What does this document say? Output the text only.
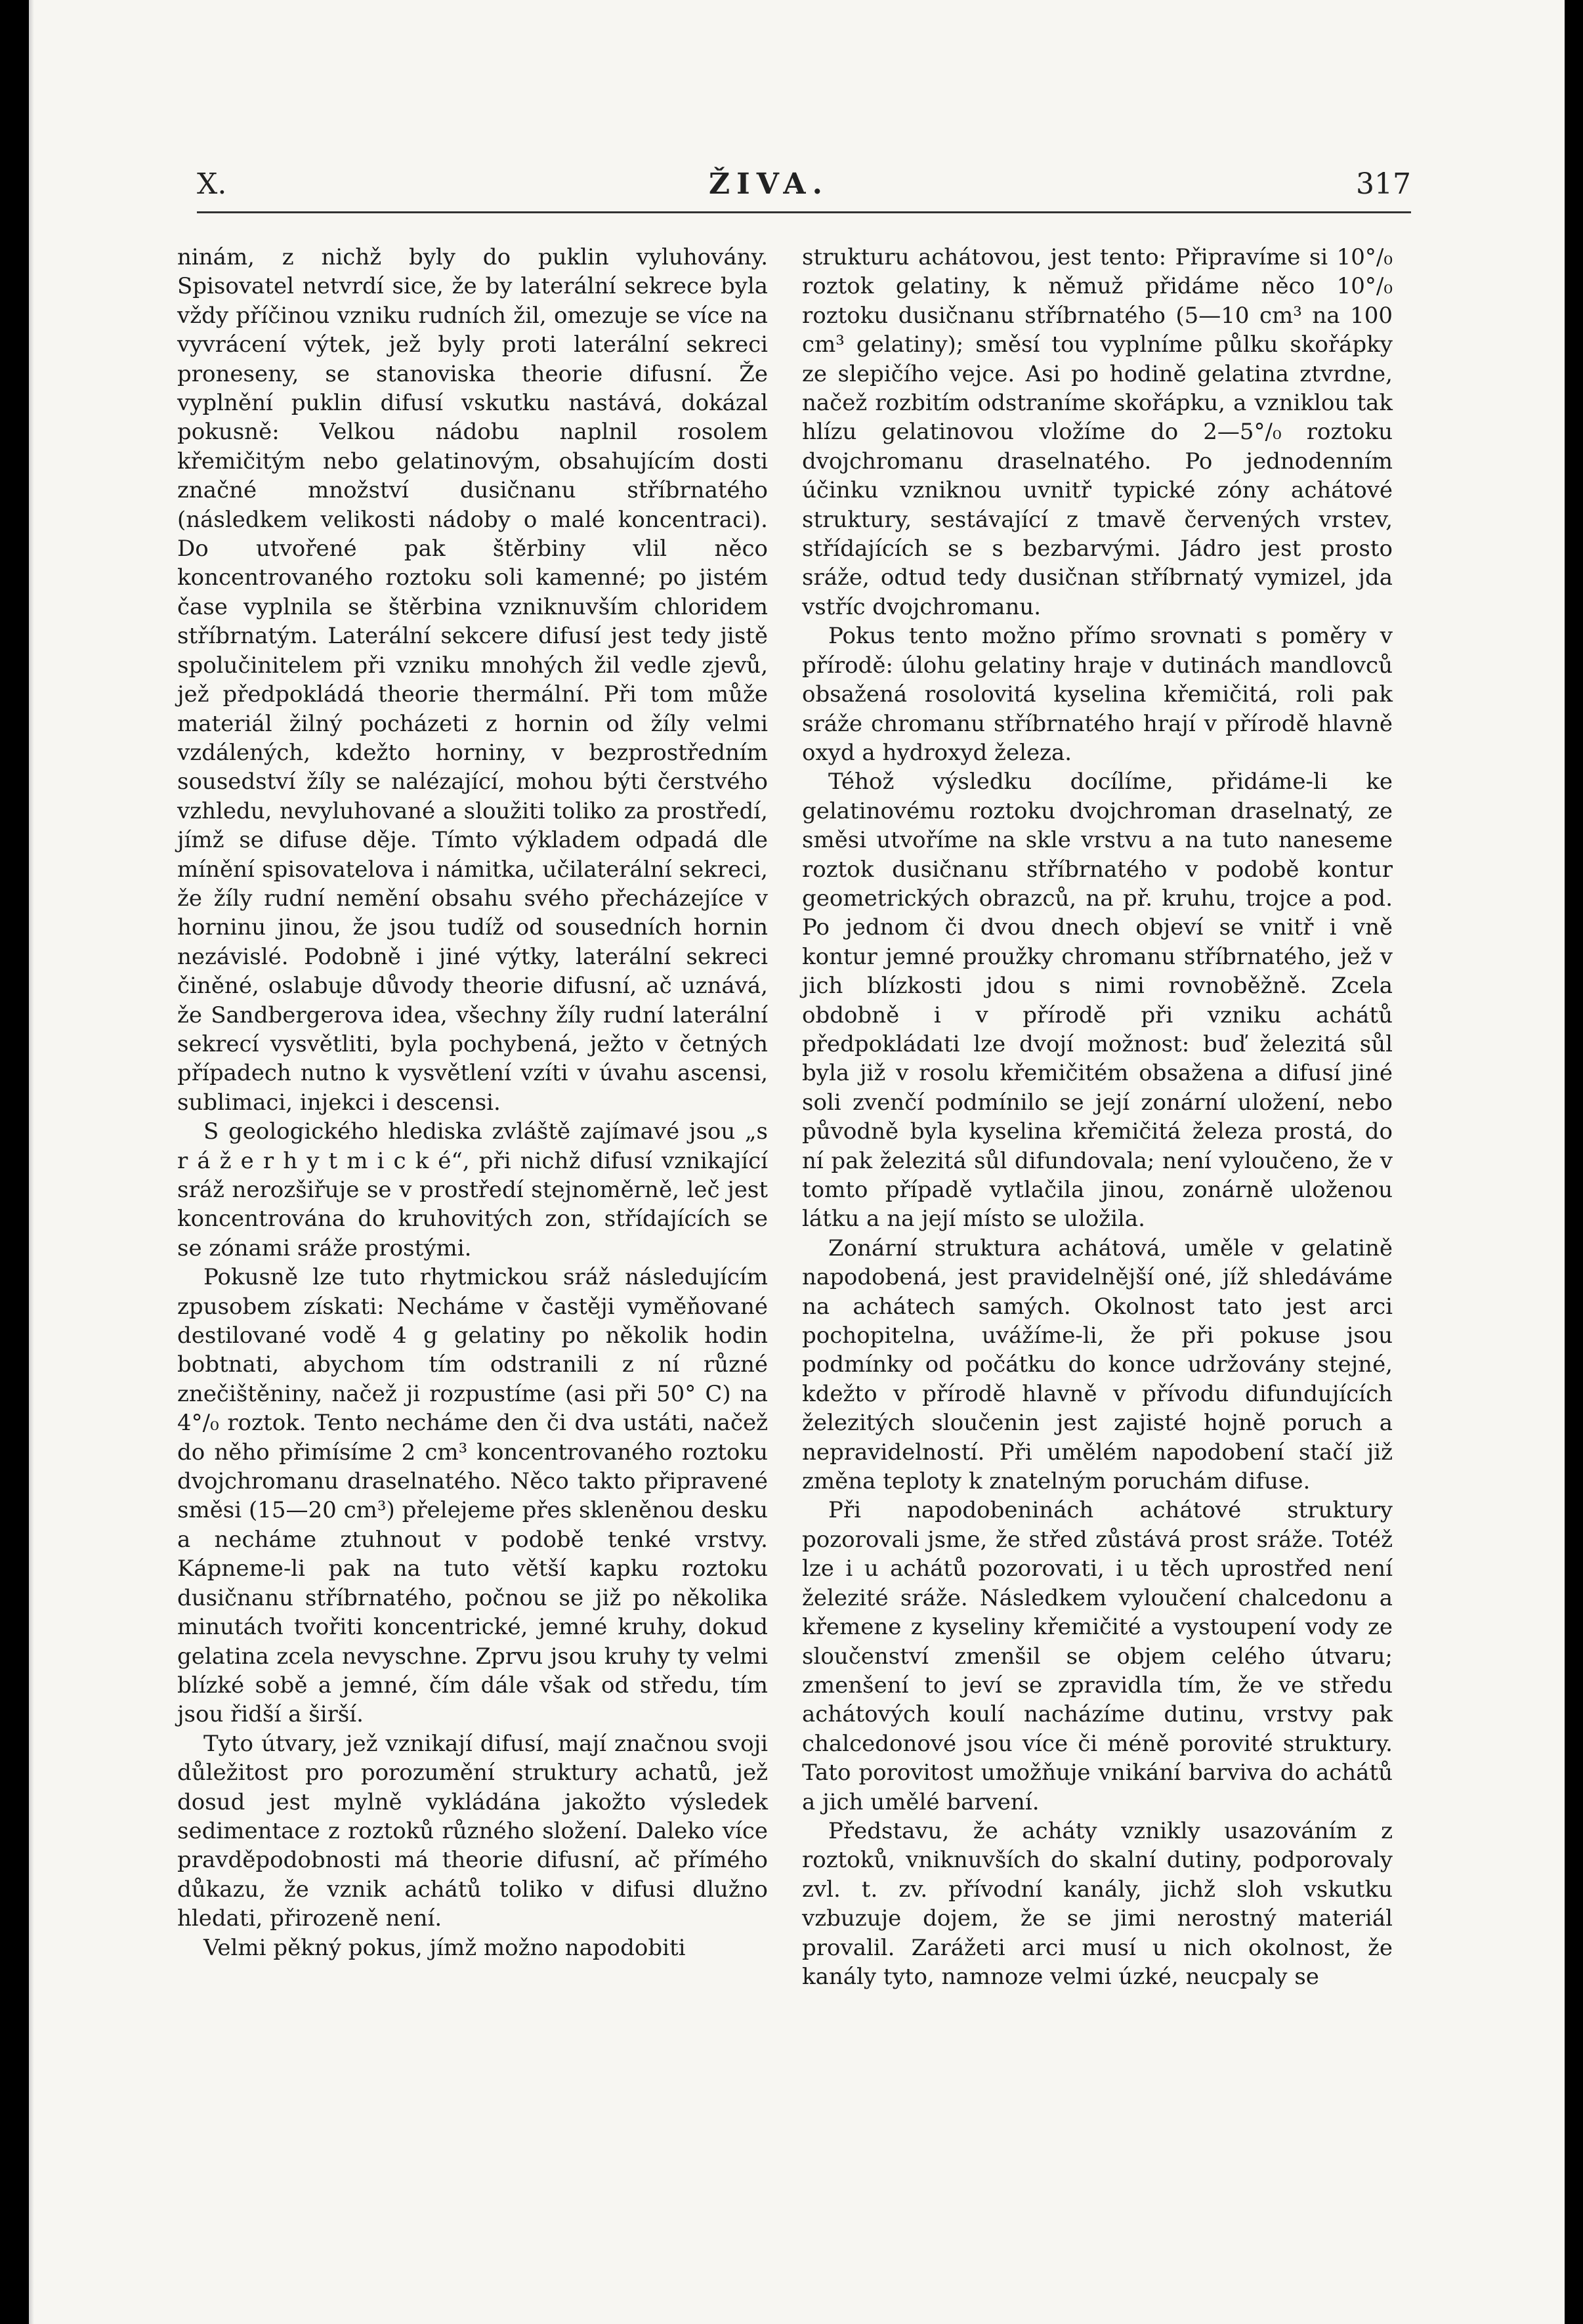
X.	ŽIVA.	317

ninám, z nichž byly do puklin vyluhovány. Spisovatel netvrdí sice, že by laterální sekrece byla vždy příčinou vzniku rudních žil, omezuje se více na vyvrácení výtek, jež byly proti laterální sekreci proneseny, se stanoviska theorie difusní. Že vyplnění puklin difusí vskutku nastává, dokázal pokusně: Velkou nádobu naplnil rosolem křemičitým nebo gelatinovým, obsahujícím dosti značné množství dusičnanu stříbrnatého (následkem velikosti nádoby o malé koncentraci). Do utvořené pak štěrbiny vlil něco koncentrovaného roztoku soli kamenné; po jistém čase vyplnila se štěrbina vzniknuvším chloridem stříbrnatým. Laterální sekcere difusí jest tedy jistě spolučinitelem při vzniku mnohých žil vedle zjevů, jež předpokládá theorie thermální. Při tom může materiál žilný pocházeti z hornin od žíly velmi vzdálených, kdežto horniny, v bezprostředním sousedství žíly se nalézající, mohou býti čerstvého vzhledu, nevyluhované a sloužiti toliko za prostředí, jímž se difuse děje. Tímto výkladem odpadá dle mínění spisovatelova i námitka, učilaterální sekreci, že žíly rudní nemění obsahu svého přecházejíce v horninu jinou, že jsou tudíž od sousedních hornin nezávislé. Podobně i jiné výtky, laterální sekreci činěné, oslabuje důvody theorie difusní, ač uznává, že Sandbergerova idea, všechny žíly rudní laterální sekrecí vysvětliti, byla pochybená, ježto v četných případech nutno k vysvětlení vzíti v úvahu ascensi, sublimaci, injekci i descensi.

S geologického hlediska zvláště zajímavé jsou „s r á ž e r h y t m i c k é“, při nichž difusí vznikající sráž nerozšiřuje se v prostředí stejnoměrně, leč jest koncentrována do kruhovitých zon, střídajících se se zónami sráže prostými.

Pokusně lze tuto rhytmickou sráž následujícím zpusobem získati: Necháme v častěji vyměňované destilované vodě 4 g gelatiny po několik hodin bobtnati, abychom tím odstranili z ní různé znečištěniny, načež ji rozpustíme (asi při 50° C) na 4°/₀ roztok. Tento necháme den či dva ustáti, načež do něho přimísíme 2 cm³ koncentrovaného roztoku dvojchromanu draselnatého. Něco takto připravené směsi (15—20 cm³) přelejeme přes skleněnou desku a necháme ztuhnout v podobě tenké vrstvy. Kápneme-li pak na tuto větší kapku roztoku dusičnanu stříbrnatého, počnou se již po několika minutách tvořiti koncentrické, jemné kruhy, dokud gelatina zcela nevyschne. Zprvu jsou kruhy ty velmi blízké sobě a jemné, čím dále však od středu, tím jsou řidší a širší.

Tyto útvary, jež vznikají difusí, mají značnou svoji důležitost pro porozumění struktury achatů, jež dosud jest mylně vykládána jakožto výsledek sedimentace z roztoků různého složení. Daleko více pravděpodobnosti má theorie difusní, ač přímého důkazu, že vznik achátů toliko v difusi dlužno hledati, přirozeně není.

Velmi pěkný pokus, jímž možno napodobiti

strukturu achátovou, jest tento: Připravíme si 10°/₀ roztok gelatiny, k němuž přidáme něco 10°/₀ roztoku dusičnanu stříbrnatého (5—10 cm³ na 100 cm³ gelatiny); směsí tou vyplníme půlku skořápky ze slepičího vejce. Asi po hodině gelatina ztvrdne, načež rozbitím odstraníme skořápku, a vzniklou tak hlízu gelatinovou vložíme do 2—5°/₀ roztoku dvojchromanu draselnatého. Po jednodenním účinku vzniknou uvnitř typické zóny achátové struktury, sestávající z tmavě červených vrstev, střídajících se s bezbarvými. Jádro jest prosto sráže, odtud tedy dusičnan stříbrnatý vymizel, jda vstříc dvojchromanu.

Pokus tento možno přímo srovnati s poměry v přírodě: úlohu gelatiny hraje v dutinách mandlovců obsažená rosolovitá kyselina křemičitá, roli pak sráže chromanu stříbrnatého hrají v přírodě hlavně oxyd a hydroxyd železa.

Téhož výsledku docílíme, přidáme-li ke gelatinovému roztoku dvojchroman draselnatý, ze směsi utvoříme na skle vrstvu a na tuto naneseme roztok dusičnanu stříbrnatého v podobě kontur geometrických obrazců, na př. kruhu, trojce a pod. Po jednom či dvou dnech objeví se vnitř i vně kontur jemné proužky chromanu stříbrnatého, jež v jich blízkosti jdou s nimi rovnoběžně. Zcela obdobně i v přírodě při vzniku achátů předpokládati lze dvojí možnost: buď železitá sůl byla již v rosolu křemičitém obsažena a difusí jiné soli zvenčí podmínilo se její zonární uložení, nebo původně byla kyselina křemičitá železa prostá, do ní pak železitá sůl difundovala; není vyloučeno, že v tomto případě vytlačila jinou, zonárně uloženou látku a na její místo se uložila.

Zonární struktura achátová, uměle v gelatině napodobená, jest pravidelnější oné, jíž shledáváme na achátech samých. Okolnost tato jest arci pochopitelna, uvážíme-li, že při pokuse jsou podmínky od počátku do konce udržovány stejné, kdežto v přírodě hlavně v přívodu difundujících železitých sloučenin jest zajisté hojně poruch a nepravidelností. Při umělém napodobení stačí již změna teploty k znatelným poruchám difuse.

Při napodobeninách achátové struktury pozorovali jsme, že střed zůstává prost sráže. Totéž lze i u achátů pozorovati, i u těch uprostřed není železité sráže. Následkem vyloučení chalcedonu a křemene z kyseliny křemičité a vystoupení vody ze sloučenství zmenšil se objem celého útvaru; zmenšení to jeví se zpravidla tím, že ve středu achátových koulí nacházíme dutinu, vrstvy pak chalcedonové jsou více či méně porovité struktury. Tato porovitost umožňuje vnikání barviva do achátů a jich umělé barvení.

Představu, že acháty vznikly usazováním z roztoků, vniknuvších do skalní dutiny, podporovaly zvl. t. zv. přívodní kanály, jichž sloh vskutku vzbuzuje dojem, že se jimi nerostný materiál provalil. Zarážeti arci musí u nich okolnost, že kanály tyto, namnoze velmi úzké, neucpaly se
